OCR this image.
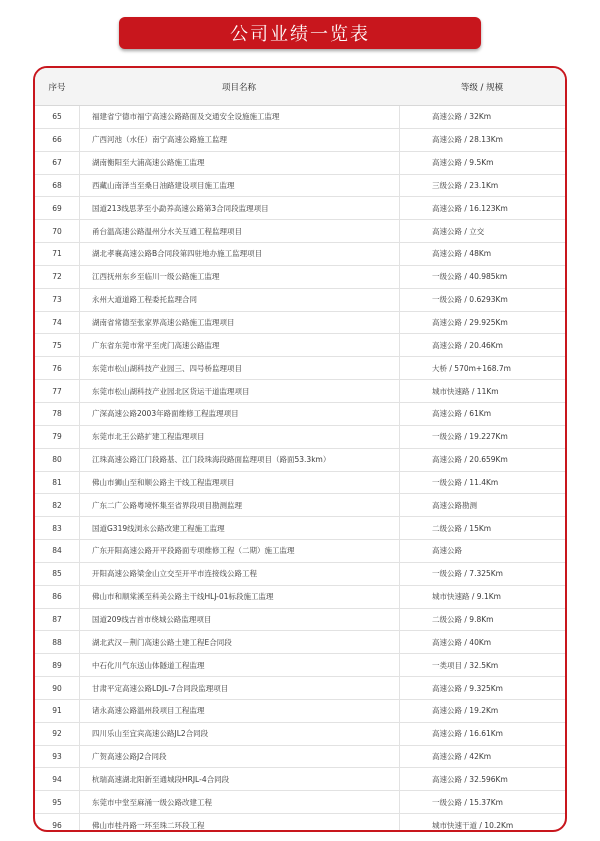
公司业绩一览表
序号	项目名称	等级 / 规模
65	福建省宁德市福宁高速公路路面及交通安全设施施工监理	高速公路 / 32Km
66	广西河池（水任）南宁高速公路施工监理	高速公路 / 28.13Km
67	湖南衡阳至大浦高速公路施工监理	高速公路 / 9.5Km
68	西藏山南泽当至桑日油路建设项目施工监理	三级公路 / 23.1Km
69	国道213线思茅至小勐养高速公路第3合同段监理项目	高速公路 / 16.123Km
70	甬台温高速公路温州分水关互通工程监理项目	高速公路 / 立交
71	湖北孝襄高速公路B合同段第四驻地办施工监理项目	高速公路 / 48Km
72	江西抚州东乡至临川一级公路施工监理	一级公路 / 40.985km
73	永州大道道路工程委托监理合同	一级公路 / 0.6293Km
74	湖南省常德至张家界高速公路施工监理项目	高速公路 / 29.925Km
75	广东省东莞市常平至虎门高速公路监理	高速公路 / 20.46Km
76	东莞市松山湖科技产业园三、四号桥监理项目	大桥 / 570m+168.7m
77	东莞市松山湖科技产业园北区货运干道监理项目	城市快速路 / 11Km
78	广深高速公路2003年路面维修工程监理项目	高速公路 / 61Km
79	东莞市北王公路扩建工程监理项目	一级公路 / 19.227Km
80	江珠高速公路江门段路基、江门段珠海段路面监理项目（路面53.3km）	高速公路 / 20.659Km
81	佛山市狮山至和顺公路主干线工程监理项目	一级公路 / 11.4Km
82	广东二广公路粤境怀集至省界段项目勘测监理	高速公路勘测
83	国道G319线浏永公路改建工程施工监理	二级公路 / 15Km
84	广东开阳高速公路开平段路面专项维修工程（二期）施工监理	高速公路
85	开阳高速公路梁金山立交至开平市连接线公路工程	一级公路 / 7.325Km
86	佛山市和顺棠溪至科美公路主干线HLJ-01标段施工监理	城市快速路 / 9.1Km
87	国道209线吉首市绕城公路监理项目	二级公路 / 9.8Km
88	湖北武汉－荆门高速公路土建工程E合同段	高速公路 / 40Km
89	中石化川气东送山体隧道工程监理	一类项目 / 32.5Km
90	甘肃平定高速公路LDJL-7合同段监理项目	高速公路 / 9.325Km
91	诸永高速公路温州段项目工程监理	高速公路 / 19.2Km
92	四川乐山至宜宾高速公路JL2合同段	高速公路 / 16.61Km
93	广贺高速公路J2合同段	高速公路 / 42Km
94	杭瑞高速湖北阳新至通城段HRJL-4合同段	高速公路 / 32.596Km
95	东莞市中堂至麻涌一级公路改建工程	一级公路 / 15.37Km
96	佛山市桂丹路一环至珠二环段工程	城市快速干道 / 10.2Km
